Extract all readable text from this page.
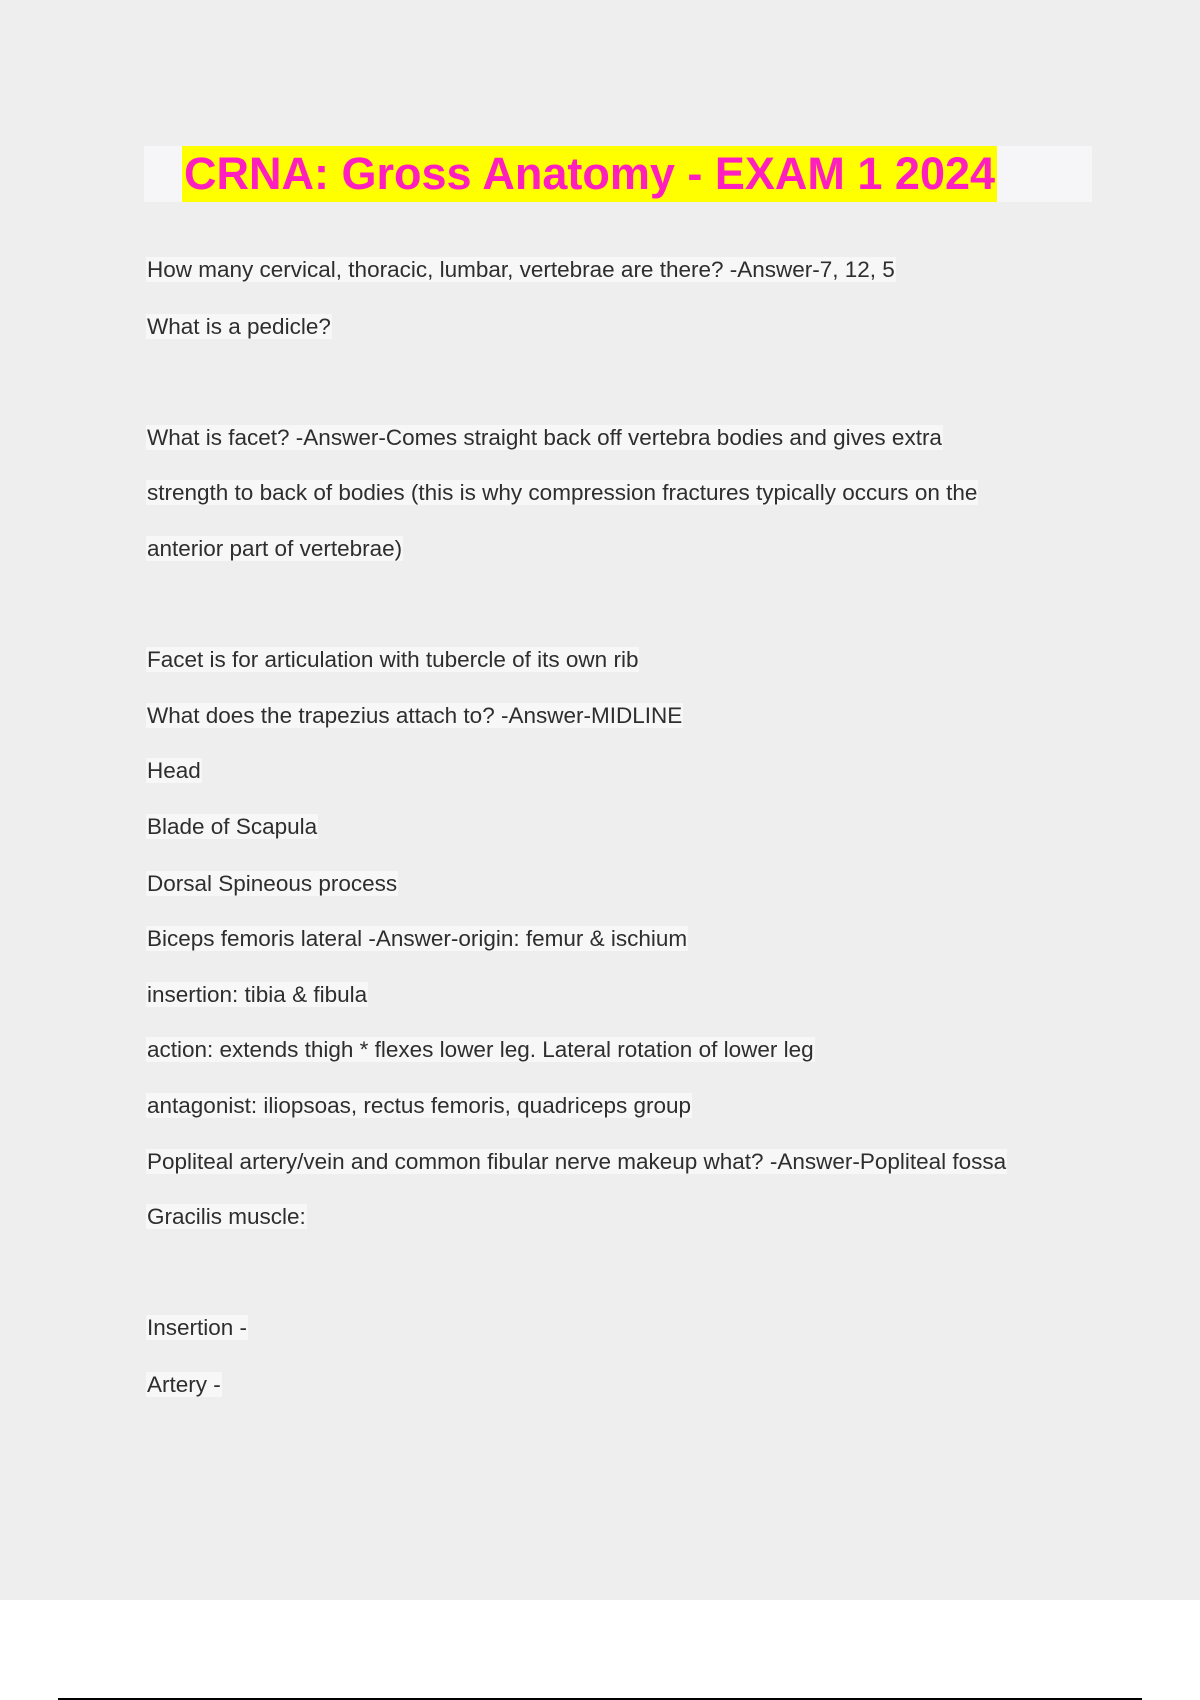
CRNA: Gross Anatomy - EXAM 1 2024
How many cervical, thoracic, lumbar, vertebrae are there? -Answer-7, 12, 5
What is a pedicle?
What is facet? -Answer-Comes straight back off vertebra bodies and gives extra
strength to back of bodies (this is why compression fractures typically occurs on the
anterior part of vertebrae)
Facet is for articulation with tubercle of its own rib
What does the trapezius attach to? -Answer-MIDLINE
Head
Blade of Scapula
Dorsal Spineous process
Biceps femoris lateral -Answer-origin: femur & ischium
insertion: tibia & fibula
action: extends thigh * flexes lower leg. Lateral rotation of lower leg
antagonist: iliopsoas, rectus femoris, quadriceps group
Popliteal artery/vein and common fibular nerve makeup what? -Answer-Popliteal fossa
Gracilis muscle:
Insertion -
Artery -
